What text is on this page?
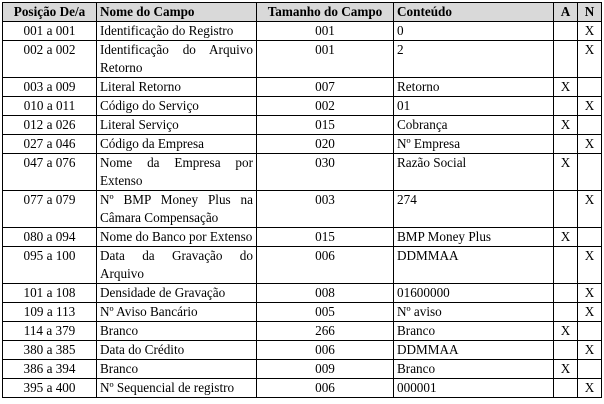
Posição De/a	Nome do Campo	Tamanho do Campo	Conteúdo	A	N
001 a 001	Identificação do Registro	001	0		X
002 a 002	Identificação do Arquivo Retorno	001	2		X
003 a 009	Literal Retorno	007	Retorno	X	
010 a 011	Código do Serviço	002	01		X
012 a 026	Literal Serviço	015	Cobrança	X	
027 a 046	Código da Empresa	020	Nº Empresa		X
047 a 076	Nome da Empresa por Extenso	030	Razão Social	X	
077 a 079	Nº BMP Money Plus na Câmara Compensação	003	274		X
080 a 094	Nome do Banco por Extenso	015	BMP Money Plus	X	
095 a 100	Data da Gravação do Arquivo	006	DDMMAA		X
101 a 108	Densidade de Gravação	008	01600000		X
109 a 113	Nº Aviso Bancário	005	Nº aviso		X
114 a 379	Branco	266	Branco	X	
380 a 385	Data do Crédito	006	DDMMAA		X
386 a 394	Branco	009	Branco	X	
395 a 400	Nº Sequencial de registro	006	000001		X
